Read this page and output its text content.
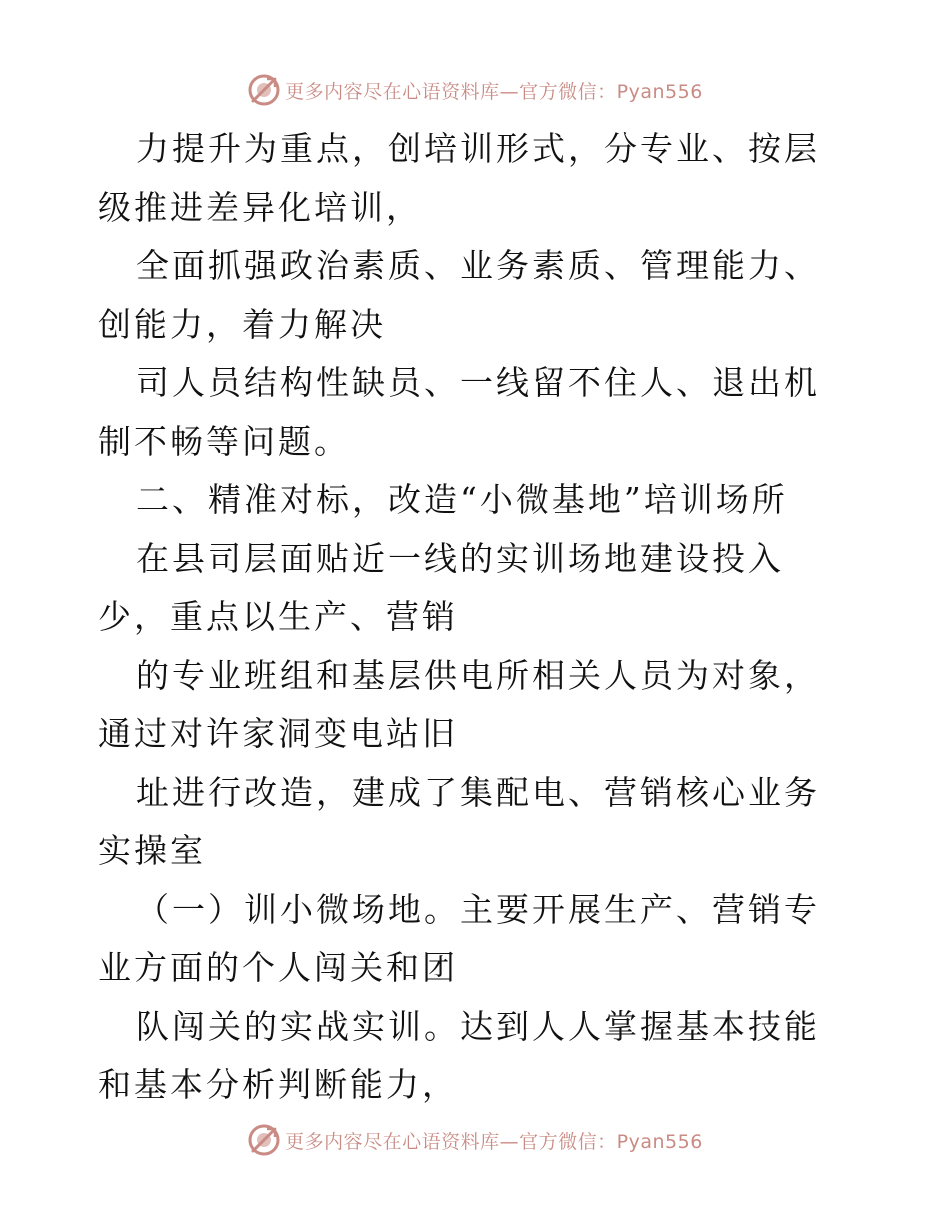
更多内容尽在心语资料库—官方微信：Pyan556

力提升为重点，创培训形式，分专业、按层级推进差异化培训，

全面抓强政治素质、业务素质、管理能力、创能力，着力解决

司人员结构性缺员、一线留不住人、退出机制不畅等问题。

二、精准对标，改造“小微基地”培训场所

在县司层面贴近一线的实训场地建设投入少，重点以生产、营销

的专业班组和基层供电所相关人员为对象，通过对许家洞变电站旧

址进行改造，建成了集配电、营销核心业务实操室

（一）训小微场地。主要开展生产、营销专业方面的个人闯关和团

队闯关的实战实训。达到人人掌握基本技能和基本分析判断能力，

更多内容尽在心语资料库—官方微信：Pyan556
